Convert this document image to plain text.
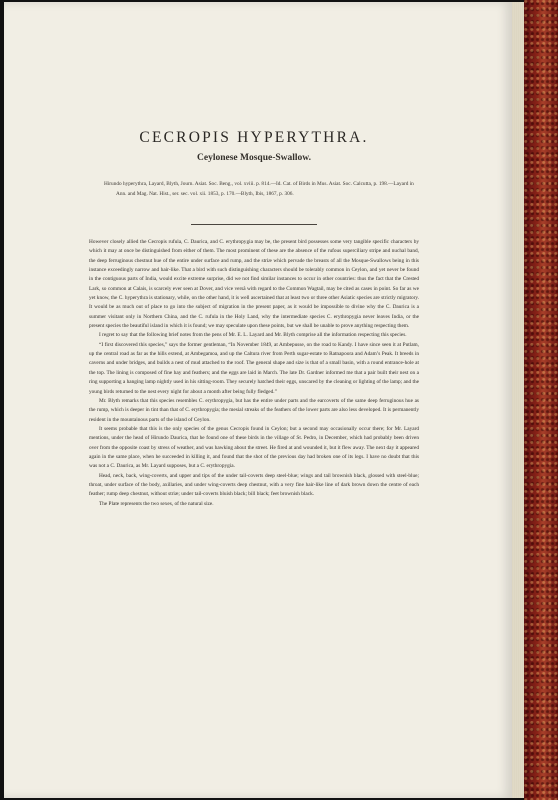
CECROPIS HYPERYTHRA.
Ceylonese Mosque-Swallow.
Hirundo hyperythra, Layard, Blyth, Journ. Asiat. Soc. Beng., vol. xviii. p. 814.—Id. Cat. of Birds in Mus. Asiat. Soc. Calcutta, p. 198.—Layard in Ann. and Mag. Nat. Hist., ser. sec. vol. xii. 1853, p. 170.—Blyth, Ibis, 1867, p. 306.

However closely allied the Cecropis rufula, C. Daurica, and C. erythropygia may be, the present bird possesses some very tangible specific characters by which it may at once be distinguished from either of them. The most prominent of these are the absence of the rufous superciliary stripe and nuchal band, the deep ferruginous chestnut hue of the entire under surface and rump, and the striæ which pervade the breasts of all the Mosque-Swallows being in this instance exceedingly narrow and hair-like. That a bird with such distinguishing characters should be tolerably common in Ceylon, and yet never be found in the contiguous parts of India, would excite extreme surprise, did we not find similar instances to occur in other countries: thus the fact that the Crested Lark, so common at Calais, is scarcely ever seen at Dover, and vice versâ with regard to the Common Wagtail, may be cited as cases in point. So far as we yet know, the C. hyperythra is stationary, while, on the other hand, it is well ascertained that at least two or three other Asiatic species are strictly migratory. It would be as much out of place to go into the subject of migration in the present paper, as it would be impossible to divine why the C. Daurica is a summer visitant only in Northern China, and the C. rufula in the Holy Land, why the intermediate species C. erythropygia never leaves India, or the present species the beautiful island in which it is found; we may speculate upon these points, but we shall be unable to prove anything respecting them.

I regret to say that the following brief notes from the pens of Mr. E. L. Layard and Mr. Blyth comprise all the information respecting this species.

“I first discovered this species,” says the former gentleman, “In November 1849, at Ambepusse, on the road to Kandy. I have since seen it at Putlam, up the central road as far as the hills extend, at Ambegamoa, and up the Caltura river from Perth sugar-estate to Ratnapoora and Adam’s Peak. It breeds in caverns and under bridges, and builds a nest of mud attached to the roof. The general shape and size is that of a small basin, with a round entrance-hole at the top. The lining is composed of fine hay and feathers; and the eggs are laid in March. The late Dr. Gardner informed me that a pair built their nest on a ring supporting a hanging lamp nightly used in his sitting-room. They securely hatched their eggs, unscared by the cleaning or lighting of the lamp; and the young birds returned to the nest every night for about a month after being fully fledged.”

Mr. Blyth remarks that this species resembles C. erythropygia, but has the entire under parts and the earcoverts of the same deep ferruginous hue as the rump, which is deeper in tint than that of C. erythropygia; the mesial streaks of the feathers of the lower parts are also less developed. It is permanently resident in the mountainous parts of the island of Ceylon.

It seems probable that this is the only species of the genus Cecropis found in Ceylon; but a second may occasionally occur there; for Mr. Layard mentions, under the head of Hirundo Daurica, that he found one of these birds in the village of St. Pedro, in December, which had probably been driven over from the opposite coast by stress of weather, and was hawking about the street. He fired at and wounded it, but it flew away. The next day it appeared again in the same place, when he succeeded in killing it, and found that the shot of the previous day had broken one of its legs. I have no doubt that this was not a C. Daurica, as Mr. Layard supposes, but a C. erythropygia.

Head, neck, back, wing-coverts, and upper and tips of the under tail-coverts deep steel-blue; wings and tail brownish black, glossed with steel-blue; throat, under surface of the body, axillaries, and under wing-coverts deep chestnut, with a very fine hair-like line of dark brown down the centre of each feather; rump deep chestnut, without striæ; under tail-coverts bluish black; bill black; feet brownish black.

The Plate represents the two sexes, of the natural size.
